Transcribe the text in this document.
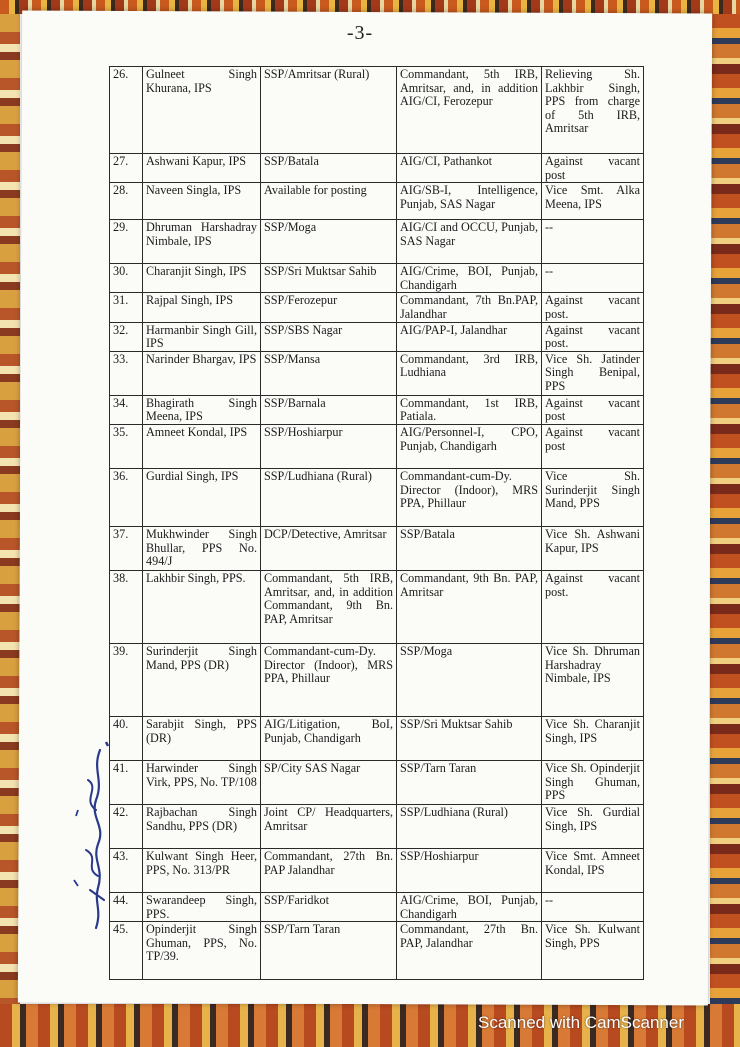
-3-
26.	Gulneet Singh Khurana, IPS	SSP/Amritsar (Rural)	Commandant, 5th IRB, Amritsar, and, in addition AIG/CI, Ferozepur	Relieving Sh. Lakhbir Singh, PPS from charge of 5th IRB, Amritsar
27.	Ashwani Kapur, IPS	SSP/Batala	AIG/CI, Pathankot	Against vacant post
28.	Naveen Singla, IPS	Available for posting	AIG/SB-I, Intelligence, Punjab, SAS Nagar	Vice Smt. Alka Meena, IPS
29.	Dhruman Harshadray Nimbale, IPS	SSP/Moga	AIG/CI and OCCU, Punjab, SAS Nagar	--
30.	Charanjit Singh, IPS	SSP/Sri Muktsar Sahib	AIG/Crime, BOI, Punjab, Chandigarh	--
31.	Rajpal Singh, IPS	SSP/Ferozepur	Commandant, 7th Bn.PAP, Jalandhar	Against vacant post.
32.	Harmanbir Singh Gill, IPS	SSP/SBS Nagar	AIG/PAP-I, Jalandhar	Against vacant post.
33.	Narinder Bhargav, IPS	SSP/Mansa	Commandant, 3rd IRB, Ludhiana	Vice Sh. Jatinder Singh Benipal, PPS
34.	Bhagirath Singh Meena, IPS	SSP/Barnala	Commandant, 1st IRB, Patiala.	Against vacant post
35.	Amneet Kondal, IPS	SSP/Hoshiarpur	AIG/Personnel-I, CPO, Punjab, Chandigarh	Against vacant post
36.	Gurdial Singh, IPS	SSP/Ludhiana (Rural)	Commandant-cum-Dy. Director (Indoor), MRS PPA, Phillaur	Vice Sh. Surinderjit Singh Mand, PPS
37.	Mukhwinder Singh Bhullar, PPS No. 494/J	DCP/Detective, Amritsar	SSP/Batala	Vice Sh. Ashwani Kapur, IPS
38.	Lakhbir Singh, PPS.	Commandant, 5th IRB, Amritsar, and, in addition Commandant, 9th Bn. PAP, Amritsar	Commandant, 9th Bn. PAP, Amritsar	Against vacant post.
39.	Surinderjit Singh Mand, PPS (DR)	Commandant-cum-Dy. Director (Indoor), MRS PPA, Phillaur	SSP/Moga	Vice Sh. Dhruman Harshadray Nimbale, IPS
40.	Sarabjit Singh, PPS (DR)	AIG/Litigation, BoI, Punjab, Chandigarh	SSP/Sri Muktsar Sahib	Vice Sh. Charanjit Singh, IPS
41.	Harwinder Singh Virk, PPS, No. TP/108	SP/City SAS Nagar	SSP/Tarn Taran	Vice Sh. Opinderjit Singh Ghuman, PPS
42.	Rajbachan Singh Sandhu, PPS (DR)	Joint CP/ Headquarters, Amritsar	SSP/Ludhiana (Rural)	Vice Sh. Gurdial Singh, IPS
43.	Kulwant Singh Heer, PPS, No. 313/PR	Commandant, 27th Bn. PAP Jalandhar	SSP/Hoshiarpur	Vice Smt. Amneet Kondal, IPS
44.	Swarandeep Singh, PPS.	SSP/Faridkot	AIG/Crime, BOI, Punjab, Chandigarh	--
45.	Opinderjit Singh Ghuman, PPS, No. TP/39.	SSP/Tarn Taran	Commandant, 27th Bn. PAP, Jalandhar	Vice Sh. Kulwant Singh, PPS
Scanned with CamScanner
